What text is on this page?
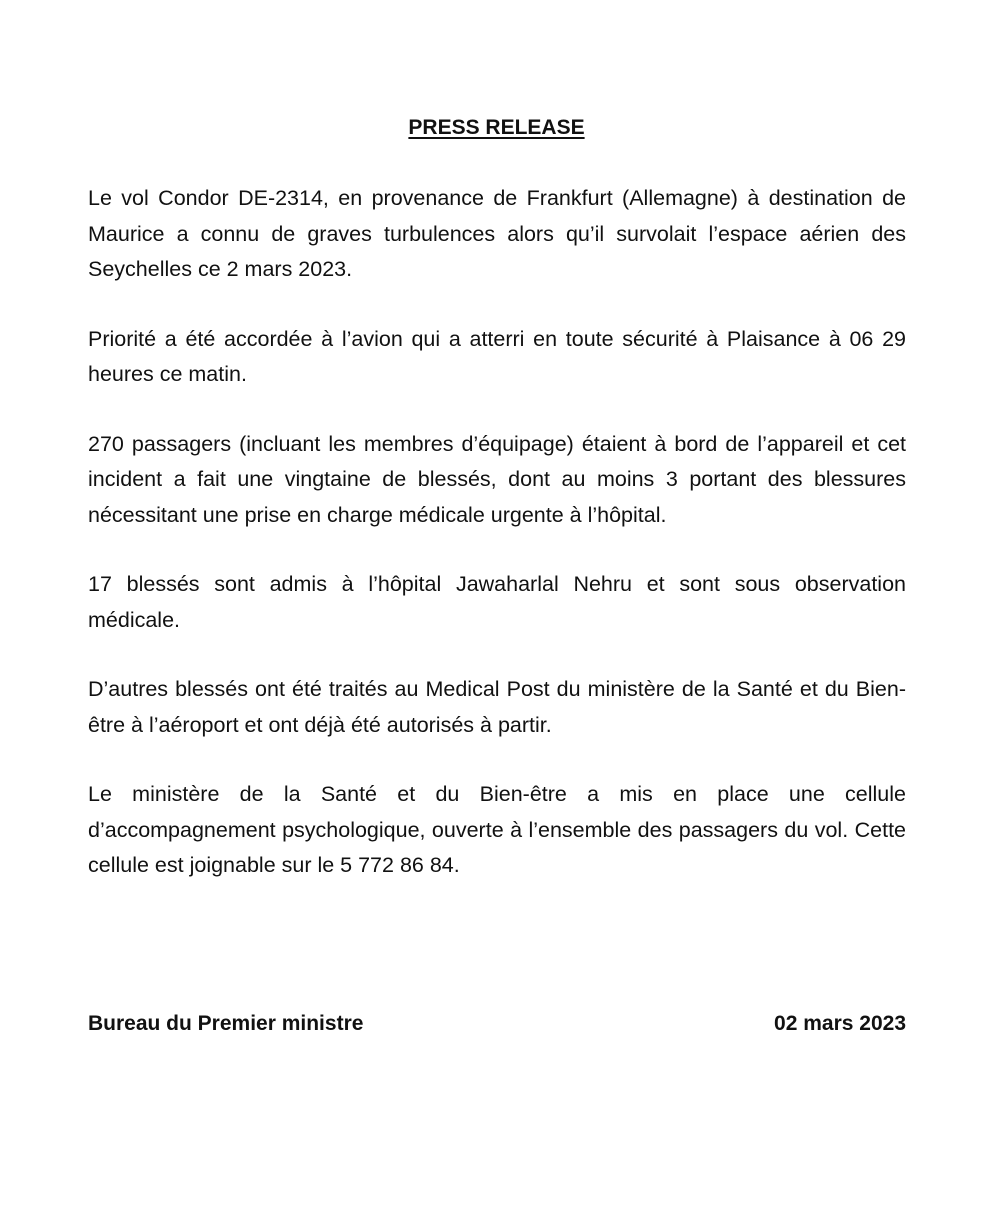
PRESS RELEASE

Le vol Condor DE-2314, en provenance de Frankfurt (Allemagne) à destination de Maurice a connu de graves turbulences alors qu’il survolait l’espace aérien des Seychelles ce 2 mars 2023.

Priorité a été accordée à l’avion qui a atterri en toute sécurité à Plaisance à 06 29 heures ce matin.

270 passagers (incluant les membres d’équipage) étaient à bord de l’appareil et cet incident a fait une vingtaine de blessés, dont au moins 3 portant des blessures nécessitant une prise en charge médicale urgente à l’hôpital.

17 blessés sont admis à l’hôpital Jawaharlal Nehru et sont sous observation médicale.

D’autres blessés ont été traités au Medical Post du ministère de la Santé et du Bien-être à l’aéroport et ont déjà été autorisés à partir.

Le ministère de la Santé et du Bien-être a mis en place une cellule d’accompagnement psychologique, ouverte à l’ensemble des passagers du vol. Cette cellule est joignable sur le 5 772 86 84.

Bureau du Premier ministre	02 mars 2023
